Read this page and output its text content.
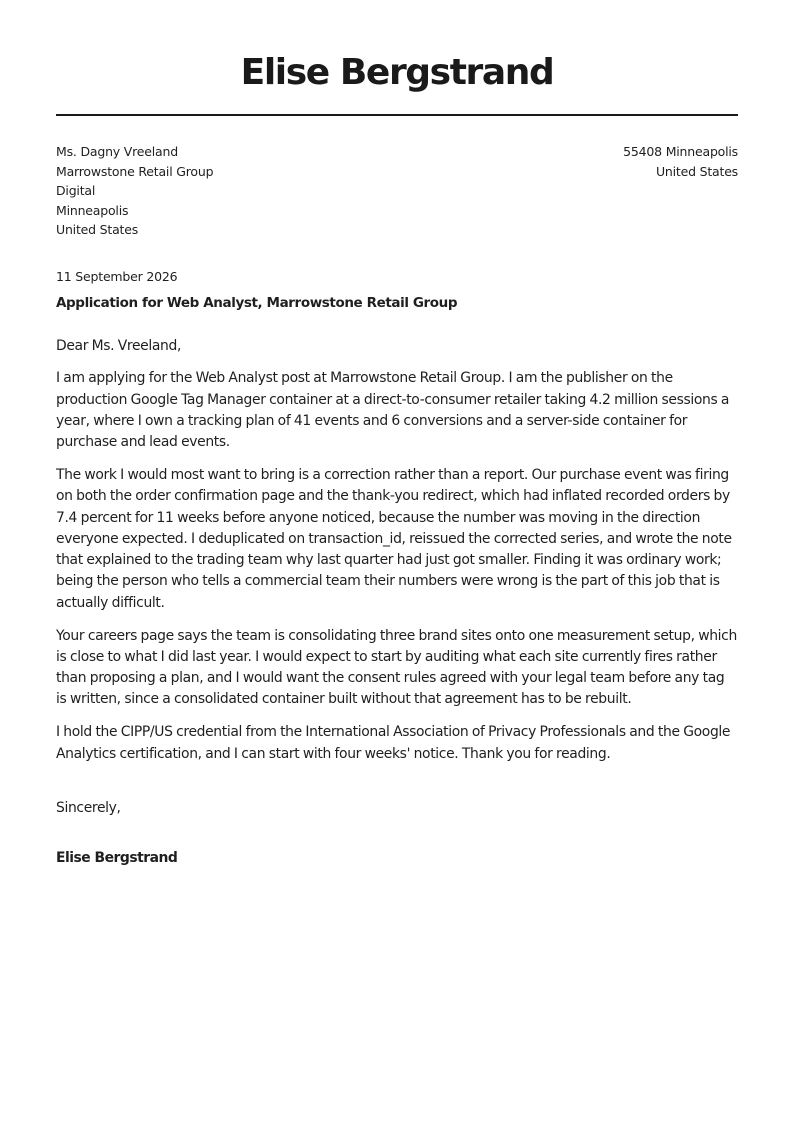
Elise Bergstrand
Ms. Dagny Vreeland
Marrowstone Retail Group
Digital
Minneapolis
United States
55408 Minneapolis
United States
11 September 2026
Application for Web Analyst, Marrowstone Retail Group

Dear Ms. Vreeland,

I am applying for the Web Analyst post at Marrowstone Retail Group. I am the publisher on the production Google Tag Manager container at a direct-to-consumer retailer taking 4.2 million sessions a year, where I own a tracking plan of 41 events and 6 conversions and a server-side container for purchase and lead events.

The work I would most want to bring is a correction rather than a report. Our purchase event was firing on both the order confirmation page and the thank-you redirect, which had inflated recorded orders by 7.4 percent for 11 weeks before anyone noticed, because the number was moving in the direction everyone expected. I deduplicated on transaction_id, reissued the corrected series, and wrote the note that explained to the trading team why last quarter had just got smaller. Finding it was ordinary work; being the person who tells a commercial team their numbers were wrong is the part of this job that is actually difficult.

Your careers page says the team is consolidating three brand sites onto one measurement setup, which is close to what I did last year. I would expect to start by auditing what each site currently fires rather than proposing a plan, and I would want the consent rules agreed with your legal team before any tag is written, since a consolidated container built without that agreement has to be rebuilt.

I hold the CIPP/US credential from the International Association of Privacy Professionals and the Google Analytics certification, and I can start with four weeks' notice. Thank you for reading.

Sincerely,
Elise Bergstrand
